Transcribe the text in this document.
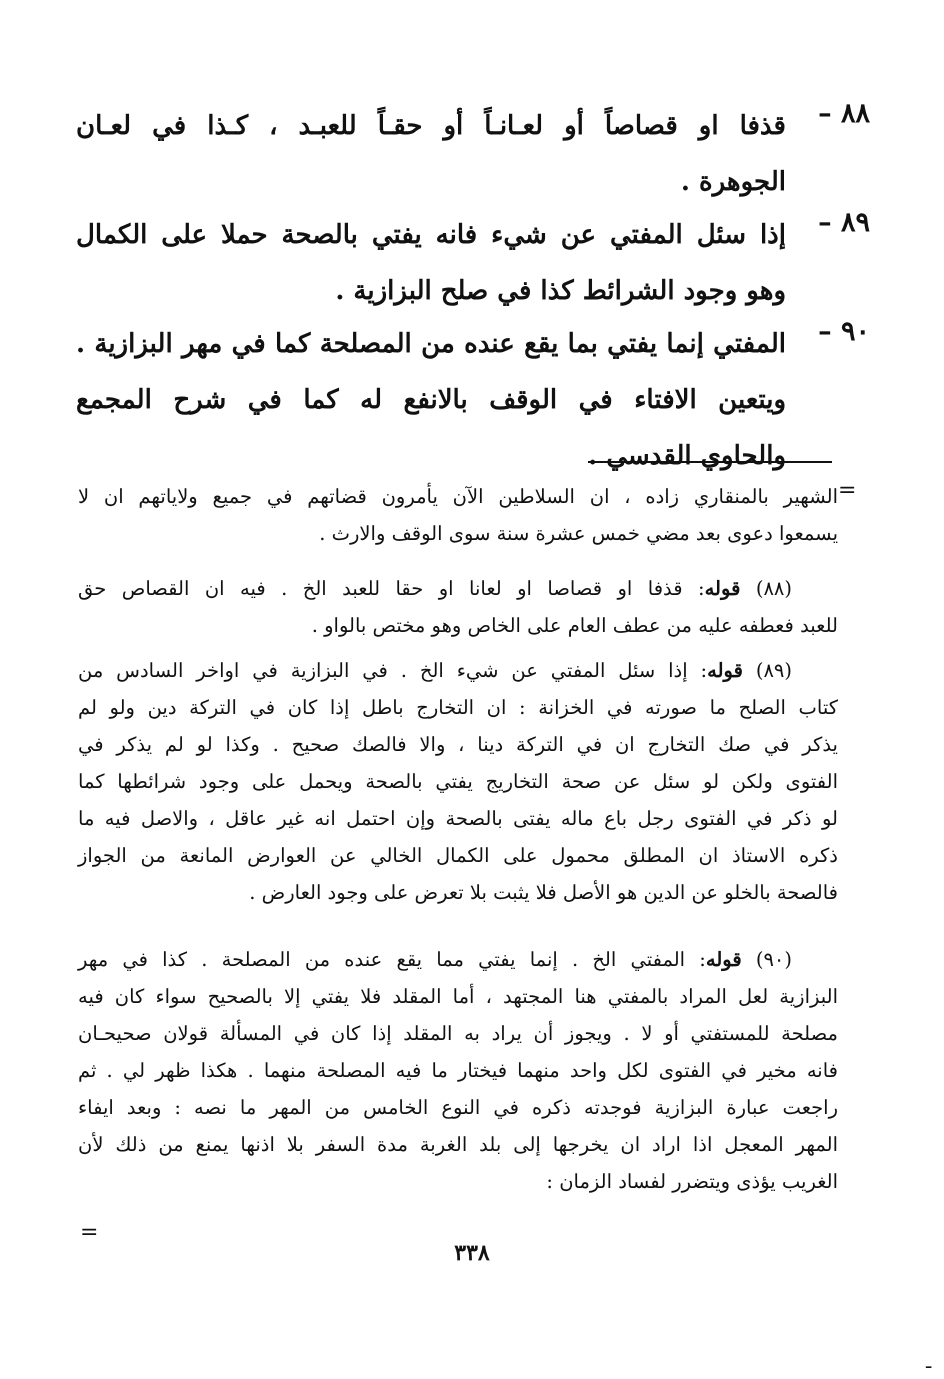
٨٨ –
قذفا او قصاصاً أو لعـانـاً أو حقـاً للعبـد ، كـذا في لعـان
الجوهرة .
٨٩ –
إذا سئل المفتي عن شيء فانه يفتي بالصحة حملا على الكمال
وهو وجود الشرائط كذا في صلح البزازية .
٩٠ –
المفتي إنما يفتي بما يقع عنده من المصلحة كما في مهر البزازية .
ويتعين الافتاء في الوقف بالانفع له كما في شرح المجمع
والحاوي القدسي .
=
الشهير بالمنقاري زاده ، ان السلاطين الآن يأمرون قضاتهم في جميع ولاياتهم ان لا
يسمعوا دعوى بعد مضي خمس عشرة سنة سوى الوقف والارث .
(٨٨) قوله: قذفا او قصاصا او لعانا او حقا للعبد الخ . فيه ان القصاص حق
للعبد فعطفه عليه من عطف العام على الخاص وهو مختص بالواو .
(٨٩) قوله: إذا سئل المفتي عن شيء الخ . في البزازية في اواخر السادس من
كتاب الصلح ما صورته في الخزانة : ان التخارج باطل إذا كان في التركة دين ولو لم
يذكر في صك التخارج ان في التركة دينا ، والا فالصك صحيح . وكذا لو لم يذكر في
الفتوى ولكن لو سئل عن صحة التخاريج يفتي بالصحة ويحمل على وجود شرائطها كما
لو ذكر في الفتوى رجل باع ماله يفتى بالصحة وإن احتمل انه غير عاقل ، والاصل فيه ما
ذكره الاستاذ ان المطلق محمول على الكمال الخالي عن العوارض المانعة من الجواز
فالصحة بالخلو عن الدين هو الأصل فلا يثبت بلا تعرض على وجود العارض .
(٩٠) قوله: المفتي الخ . إنما يفتي مما يقع عنده من المصلحة . كذا في مهر
البزازية لعل المراد بالمفتي هنا المجتهد ، أما المقلد فلا يفتي إلا بالصحيح سواء كان فيه
مصلحة للمستفتي أو لا . ويجوز أن يراد به المقلد إذا كان في المسألة قولان صحيحـان
فانه مخير في الفتوى لكل واحد منهما فيختار ما فيه المصلحة منهما . هكذا ظهر لي . ثم
راجعت عبارة البزازية فوجدته ذكره في النوع الخامس من المهر ما نصه : وبعد ايفاء
المهر المعجل اذا اراد ان يخرجها إلى بلد الغربة مدة السفر بلا اذنها يمنع من ذلك لأن
الغريب يؤذى ويتضرر لفساد الزمان :
=
٣٣٨
ـ
